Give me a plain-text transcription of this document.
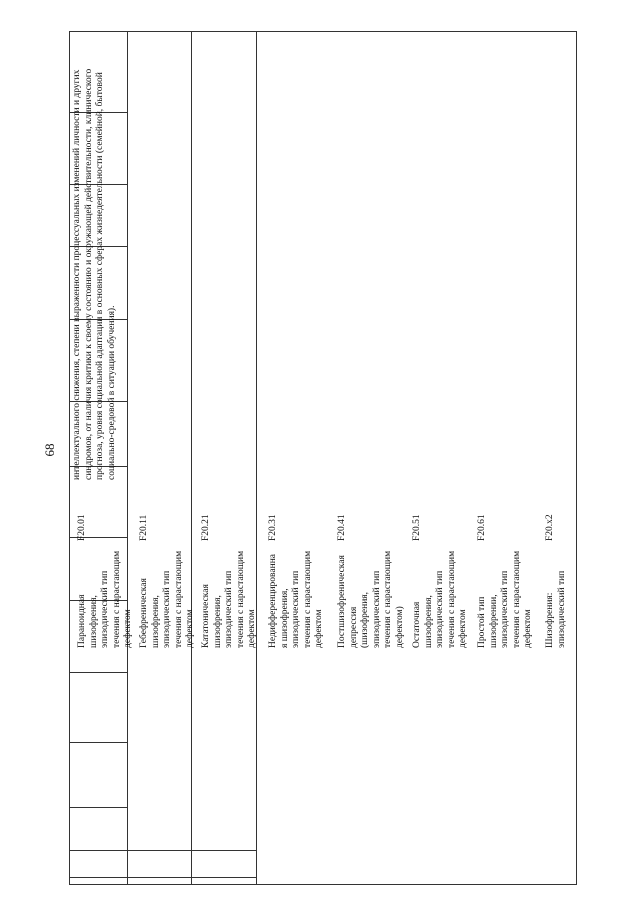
68
Параноидная
шизофрения,
эпизодический тип
течения с нарастающим
дефектом
F20.01
Гебефреническая
шизофрения,
эпизодический тип
течения с нарастающим
дефектом
F20.11
Кататоническая
шизофрения,
эпизодический тип
течения с нарастающим
дефектом
F20.21
Недифференцированна
я шизофрения,
эпизодический тип
течения с нарастающим
дефектом
F20.31
Постшизофреническая
депрессия
(шизофрения,
эпизодический тип
течения с нарастающим
дефектом)
F20.41
Остаточная
шизофрения,
эпизодический тип
течения с нарастающим
дефектом
F20.51
Простой тип
шизофрении,
эпизодический тип
течения с нарастающим
дефектом
F20.61
Шизофрения:
эпизодический тип
F20.x2
интеллектуального снижения, степени выраженности процессуальных изменений личности и других синдромов, от наличия критики к своему состоянию и окружающей действительности, клинического прогноза, уровня социальной адаптации в основных сферах жизнедеятельности (семейной, бытовой социально-средовой в ситуации обучения).
